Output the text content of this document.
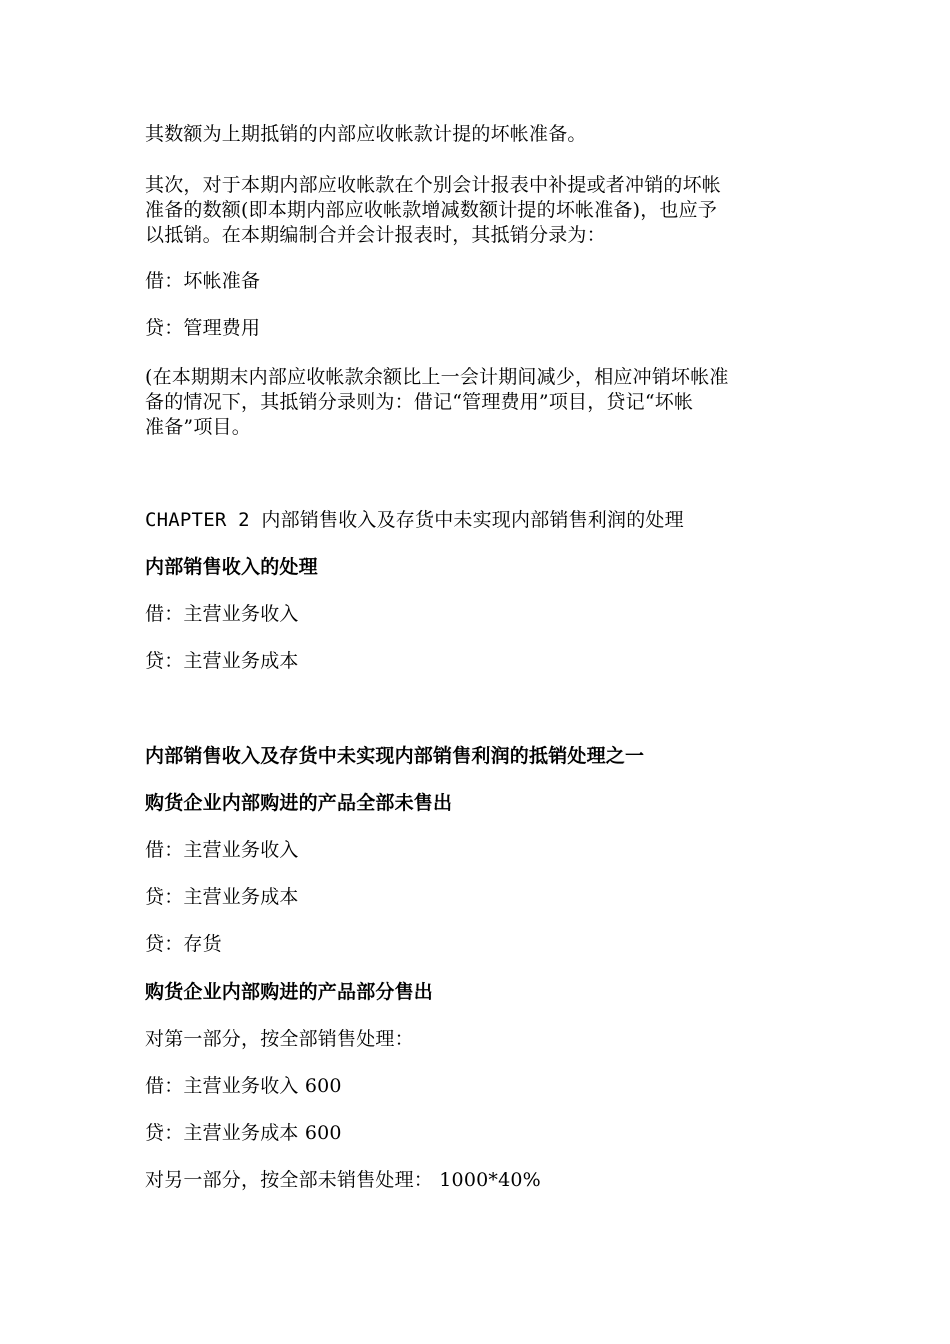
其数额为上期抵销的内部应收帐款计提的坏帐准备。
其次，对于本期内部应收帐款在个别会计报表中补提或者冲销的坏帐
准备的数额(即本期内部应收帐款增减数额计提的坏帐准备)，也应予
以抵销。在本期编制合并会计报表时，其抵销分录为：
借：坏帐准备
贷：管理费用
(在本期期末内部应收帐款余额比上一会计期间减少，相应冲销坏帐准
备的情况下，其抵销分录则为：借记“管理费用”项目，贷记“坏帐
准备”项目。
CHAPTER 2 内部销售收入及存货中未实现内部销售利润的处理
内部销售收入的处理
借：主营业务收入
贷：主营业务成本
内部销售收入及存货中未实现内部销售利润的抵销处理之一
购货企业内部购进的产品全部未售出
借：主营业务收入
贷：主营业务成本
贷：存货
购货企业内部购进的产品部分售出
对第一部分，按全部销售处理：
借：主营业务收入 600
贷：主营业务成本 600
对另一部分，按全部未销售处理： 1000*40%
